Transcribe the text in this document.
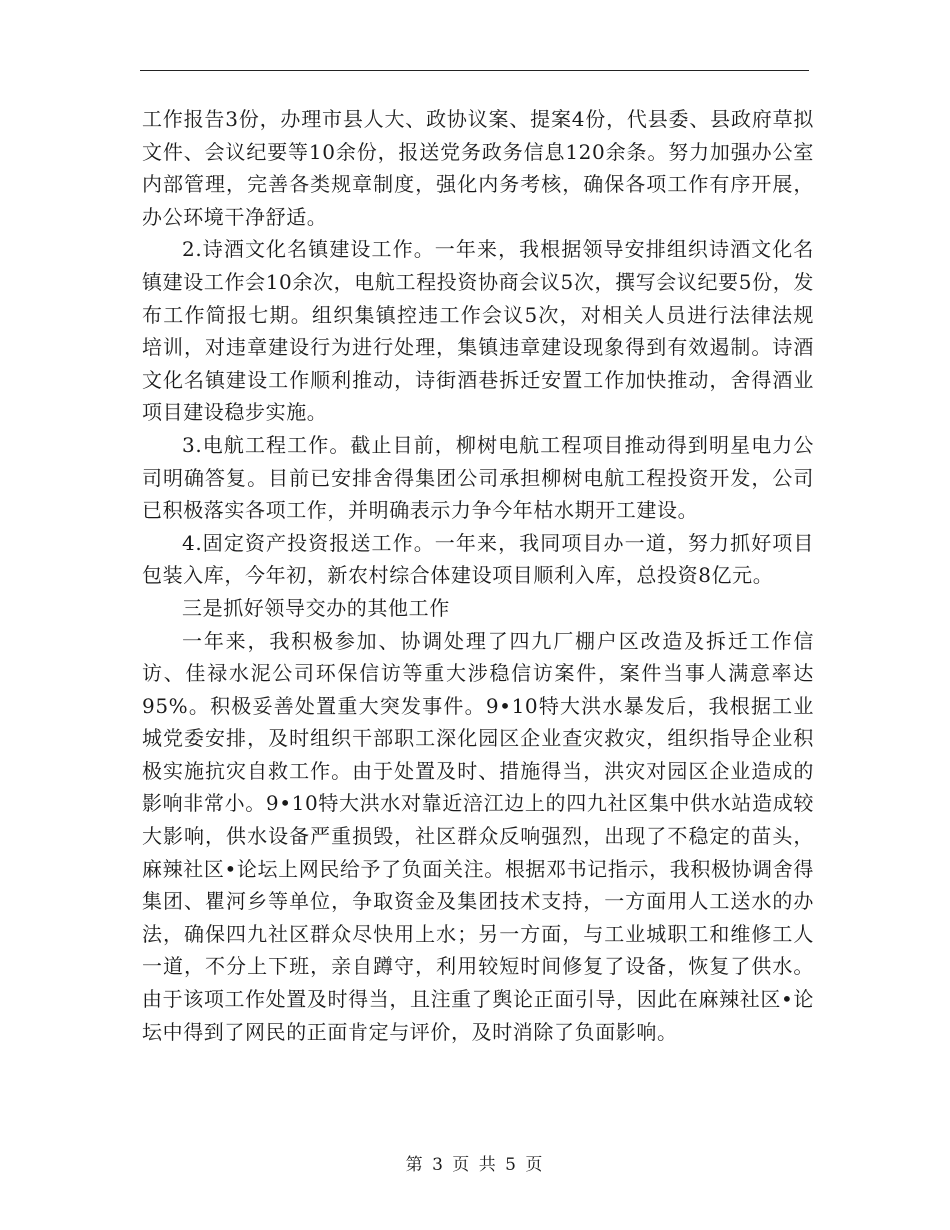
工作报告3份，办理市县人大、政协议案、提案4份，代县委、县政府草拟文件、会议纪要等10余份，报送党务政务信息120余条。努力加强办公室内部管理，完善各类规章制度，强化内务考核，确保各项工作有序开展，办公环境干净舒适。

2.诗酒文化名镇建设工作。一年来，我根据领导安排组织诗酒文化名镇建设工作会10余次，电航工程投资协商会议5次，撰写会议纪要5份，发布工作简报七期。组织集镇控违工作会议5次，对相关人员进行法律法规培训，对违章建设行为进行处理，集镇违章建设现象得到有效遏制。诗酒文化名镇建设工作顺利推动，诗街酒巷拆迁安置工作加快推动，舍得酒业项目建设稳步实施。

3.电航工程工作。截止目前，柳树电航工程项目推动得到明星电力公司明确答复。目前已安排舍得集团公司承担柳树电航工程投资开发，公司已积极落实各项工作，并明确表示力争今年枯水期开工建设。

4.固定资产投资报送工作。一年来，我同项目办一道，努力抓好项目包装入库，今年初，新农村综合体建设项目顺利入库，总投资8亿元。

三是抓好领导交办的其他工作

一年来，我积极参加、协调处理了四九厂棚户区改造及拆迁工作信访、佳禄水泥公司环保信访等重大涉稳信访案件，案件当事人满意率达95%。积极妥善处置重大突发事件。9•10特大洪水暴发后，我根据工业城党委安排，及时组织干部职工深化园区企业查灾救灾，组织指导企业积极实施抗灾自救工作。由于处置及时、措施得当，洪灾对园区企业造成的影响非常小。9•10特大洪水对靠近涪江边上的四九社区集中供水站造成较大影响，供水设备严重损毁，社区群众反响强烈，出现了不稳定的苗头，麻辣社区•论坛上网民给予了负面关注。根据邓书记指示，我积极协调舍得集团、瞿河乡等单位，争取资金及集团技术支持，一方面用人工送水的办法，确保四九社区群众尽快用上水；另一方面，与工业城职工和维修工人一道，不分上下班，亲自蹲守，利用较短时间修复了设备，恢复了供水。由于该项工作处置及时得当，且注重了舆论正面引导，因此在麻辣社区•论坛中得到了网民的正面肯定与评价，及时消除了负面影响。

第 3 页 共 5 页
